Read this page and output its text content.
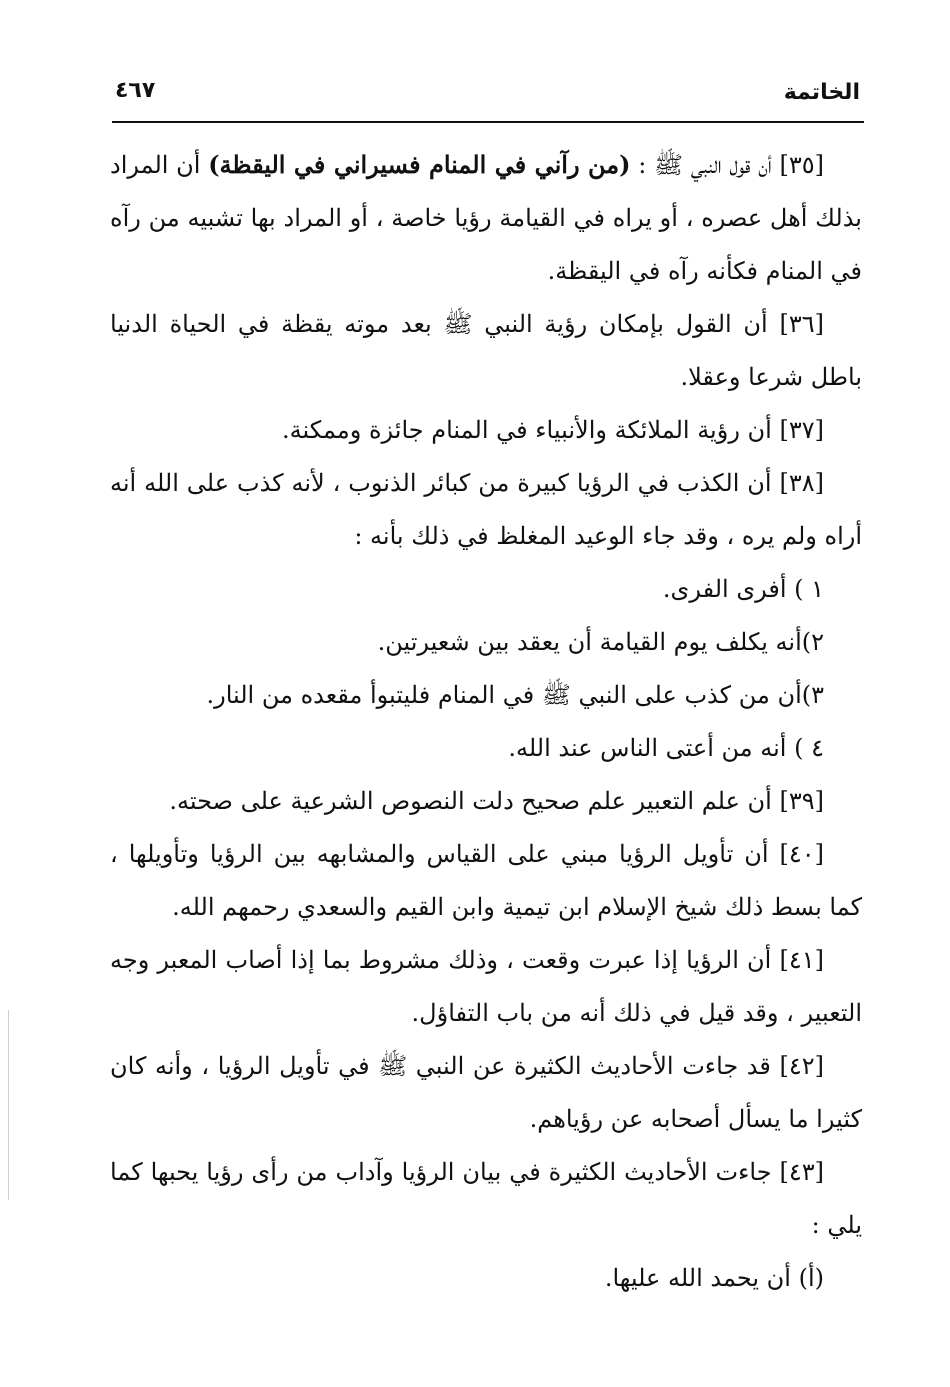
الخاتمة
٤٦٧

[٣٥] أن قول النبي ﷺ : (من رآني في المنام فسيراني في اليقظة) أن المراد بذلك أهل عصره ، أو يراه في القيامة رؤيا خاصة ، أو المراد بها تشبيه من رآه في المنام فكأنه رآه في اليقظة.

[٣٦] أن القول بإمكان رؤية النبي ﷺ بعد موته يقظة في الحياة الدنيا باطل شرعا وعقلا.

[٣٧] أن رؤية الملائكة والأنبياء في المنام جائزة وممكنة.

[٣٨] أن الكذب في الرؤيا كبيرة من كبائر الذنوب ، لأنه كذب على الله أنه أراه ولم يره ، وقد جاء الوعيد المغلظ في ذلك بأنه :

١ ) أفرى الفرى.

٢)أنه يكلف يوم القيامة أن يعقد بين شعيرتين.

٣)أن من كذب على النبي ﷺ في المنام فليتبوأ مقعده من النار.

٤ ) أنه من أعتى الناس عند الله.

[٣٩] أن علم التعبير علم صحيح دلت النصوص الشرعية على صحته.

[٤٠] أن تأويل الرؤيا مبني على القياس والمشابهه بين الرؤيا وتأويلها ، كما بسط ذلك شيخ الإسلام ابن تيمية وابن القيم والسعدي رحمهم الله.

[٤١] أن الرؤيا إذا عبرت وقعت ، وذلك مشروط بما إذا أصاب المعبر وجه التعبير ، وقد قيل في ذلك أنه من باب التفاؤل.

[٤٢] قد جاءت الأحاديث الكثيرة عن النبي ﷺ في تأويل الرؤيا ، وأنه كان كثيرا ما يسأل أصحابه عن رؤياهم.

[٤٣] جاءت الأحاديث الكثيرة في بيان الرؤيا وآداب من رأى رؤيا يحبها كما يلي :

(أ) أن يحمد الله عليها.
